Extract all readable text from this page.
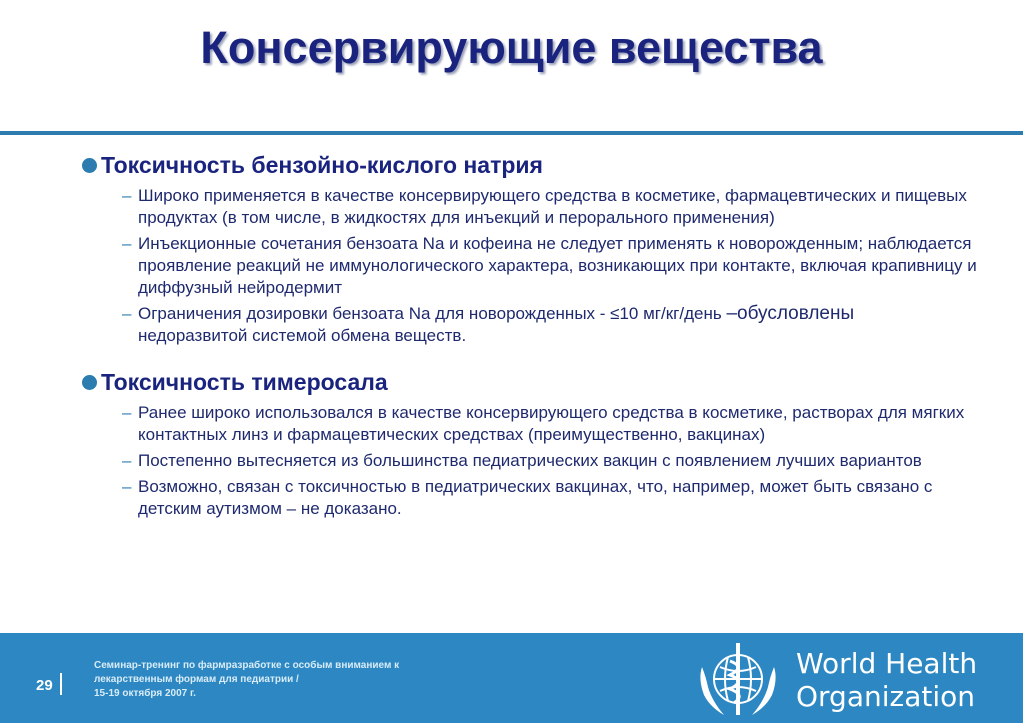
Консервирующие вещества
Токсичность бензойно-кислого натрия
– Широко применяется в качестве консервирующего средства в косметике, фармацевтических и пищевых продуктах (в том числе, в жидкостях для инъекций и перорального применения)
– Инъекционные сочетания бензоата Na и кофеина не следует применять к новорожденным; наблюдается проявление реакций не иммунологического характера, возникающих при контакте, включая крапивницу и диффузный нейродермит
– Ограничения дозировки бензоата Na для новорожденных - ≤10 мг/кг/день –обусловлены
недоразвитой системой обмена веществ.
Токсичность тимеросала
– Ранее широко использовался в качестве консервирующего средства в косметике, растворах для мягких контактных линз и фармацевтических средствах (преимущественно, вакцинах)
– Постепенно вытесняется из большинства педиатрических вакцин с появлением лучших вариантов
– Возможно, связан с токсичностью в педиатрических вакцинах, что, например, может быть связано с детским аутизмом – не доказано.
29
Семинар-тренинг по фармразработке с особым вниманием к
лекарственным формам для педиатрии /
15-19 октября 2007 г.
World Health
Organization
